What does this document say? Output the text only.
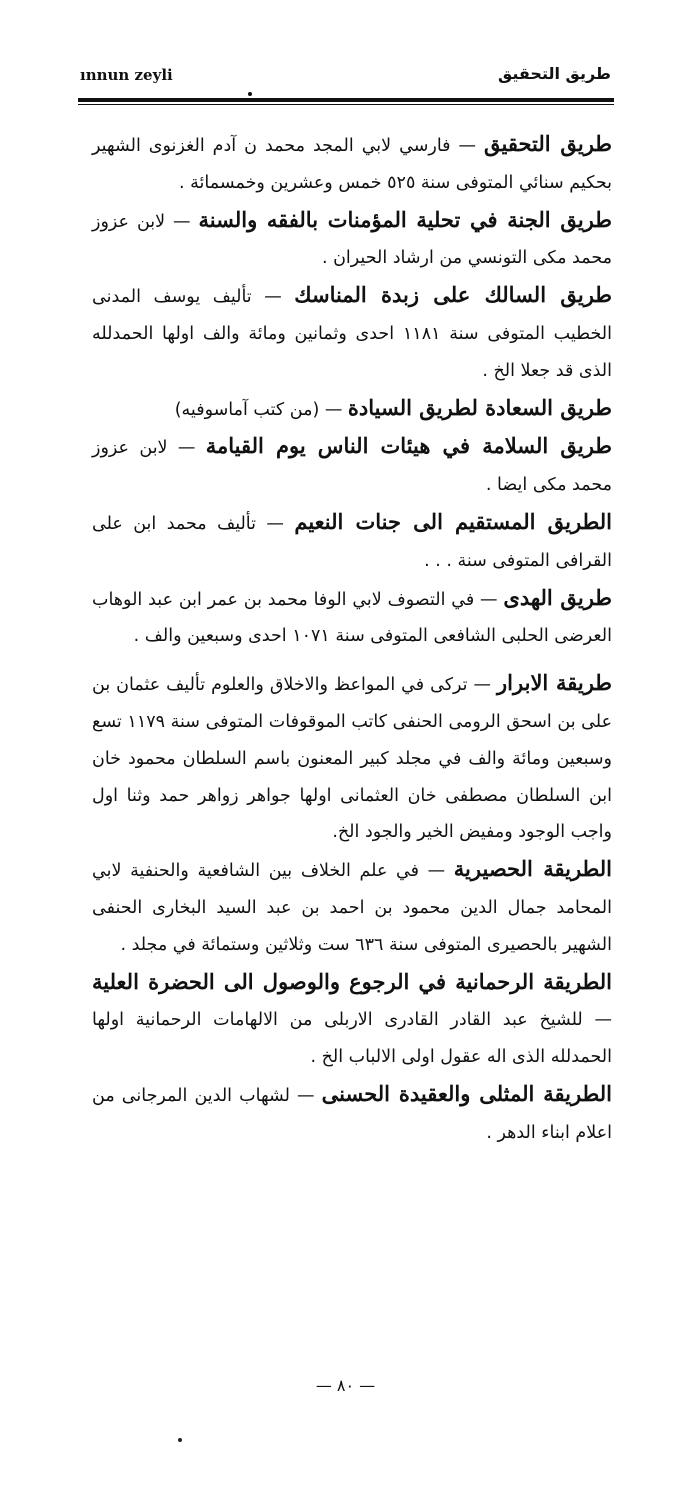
ınnun zeyli	طريق التحقيق

طريق التحقيق — فارسي لابي المجد محمد ن آدم الغزنوى الشهير بحكيم سنائي المتوفى سنة ٥٢٥ خمس وعشرين وخمسمائة .

طريق الجنة في تحلية المؤمنات بالفقه والسنة — لابن عزوز محمد مكى التونسي من ارشاد الحيران .

طريق السالك على زبدة المناسك — تأليف يوسف المدنى الخطيب المتوفى سنة ١١٨١ احدى وثمانين ومائة والف اولها الحمدلله الذى قد جعلا الخ .

طريق السعادة لطريق السيادة — (من كتب آماسوفيه)

طريق السلامة في هيئات الناس يوم القيامة — لابن عزوز محمد مكى ايضا .

الطريق المستقيم الى جنات النعيم — تأليف محمد ابن على القرافى المتوفى سنة . . .

طريق الهدى — في التصوف لابي الوفا محمد بن عمر ابن عبد الوهاب العرضى الحلبى الشافعى المتوفى سنة ١٠٧١ احدى وسبعين والف .

طريقة الابرار — تركى في المواعظ والاخلاق والعلوم تأليف عثمان بن على بن اسحق الرومى الحنفى كاتب الموقوفات المتوفى سنة ١١٧٩ تسع وسبعين ومائة والف في مجلد كبير المعنون باسم السلطان محمود خان ابن السلطان مصطفى خان العثمانى اولها جواهر زواهر حمد وثنا اول واجب الوجود ومفيض الخير والجود الخ.

الطريقة الحصيرية — في علم الخلاف بين الشافعية والحنفية لابي المحامد جمال الدين محمود بن احمد بن عبد السيد البخارى الحنفى الشهير بالحصيرى المتوفى سنة ٦٣٦ ست وثلاثين وستمائة في مجلد .

الطريقة الرحمانية في الرجوع والوصول الى الحضرة العلية — للشيخ عبد القادر القادرى الاربلى من الالهامات الرحمانية اولها الحمدلله الذى اله عقول اولى الالباب الخ .

الطريقة المثلى والعقيدة الحسنى — لشهاب الدين المرجانى من اعلام ابناء الدهر .

— ٨٠ —
